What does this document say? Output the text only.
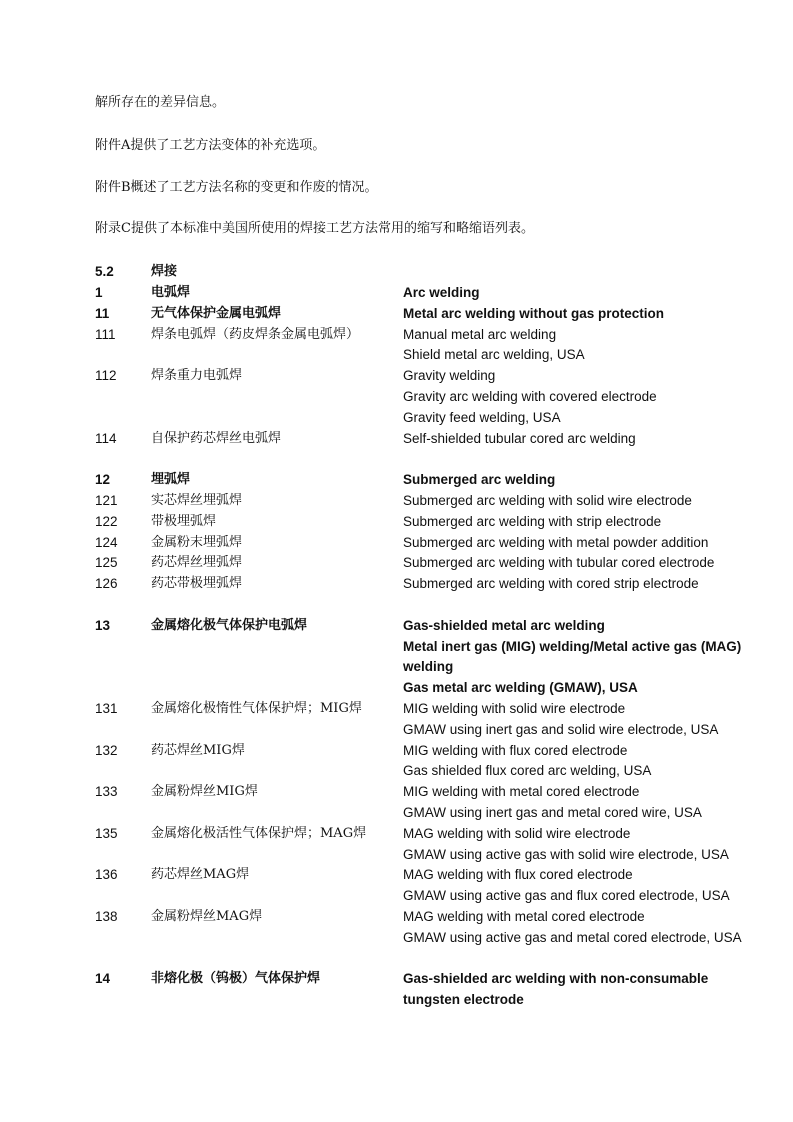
解所存在的差异信息。

附件A提供了工艺方法变体的补充选项。

附件B概述了工艺方法名称的变更和作废的情况。

附录C提供了本标准中美国所使用的焊接工艺方法常用的缩写和略缩语列表。

5.2	焊接
1	电弧焊	Arc welding
11	无气体保护金属电弧焊	Metal arc welding without gas protection
111	焊条电弧焊（药皮焊条金属电弧焊）	Manual metal arc welding
Shield metal arc welding, USA
112	焊条重力电弧焊	Gravity welding
Gravity arc welding with covered electrode
Gravity feed welding, USA
114	自保护药芯焊丝电弧焊	Self-shielded tubular cored arc welding
12	埋弧焊	Submerged arc welding
121	实芯焊丝埋弧焊	Submerged arc welding with solid wire electrode
122	带极埋弧焊	Submerged arc welding with strip electrode
124	金属粉末埋弧焊	Submerged arc welding with metal powder addition
125	药芯焊丝埋弧焊	Submerged arc welding with tubular cored electrode
126	药芯带极埋弧焊	Submerged arc welding with cored strip electrode
13	金属熔化极气体保护电弧焊	Gas-shielded metal arc welding
Metal inert gas (MIG) welding/Metal active gas (MAG)
welding
Gas metal arc welding (GMAW), USA
131	金属熔化极惰性气体保护焊；MIG焊	MIG welding with solid wire electrode
GMAW using inert gas and solid wire electrode, USA
132	药芯焊丝MIG焊	MIG welding with flux cored electrode
Gas shielded flux cored arc welding, USA
133	金属粉焊丝MIG焊	MIG welding with metal cored electrode
GMAW using inert gas and metal cored wire, USA
135	金属熔化极活性气体保护焊；MAG焊	MAG welding with solid wire electrode
GMAW using active gas with solid wire electrode, USA
136	药芯焊丝MAG焊	MAG welding with flux cored electrode
GMAW using active gas and flux cored electrode, USA
138	金属粉焊丝MAG焊	MAG welding with metal cored electrode
GMAW using active gas and metal cored electrode, USA
14	非熔化极（钨极）气体保护焊	Gas-shielded arc welding with non-consumable
tungsten electrode
